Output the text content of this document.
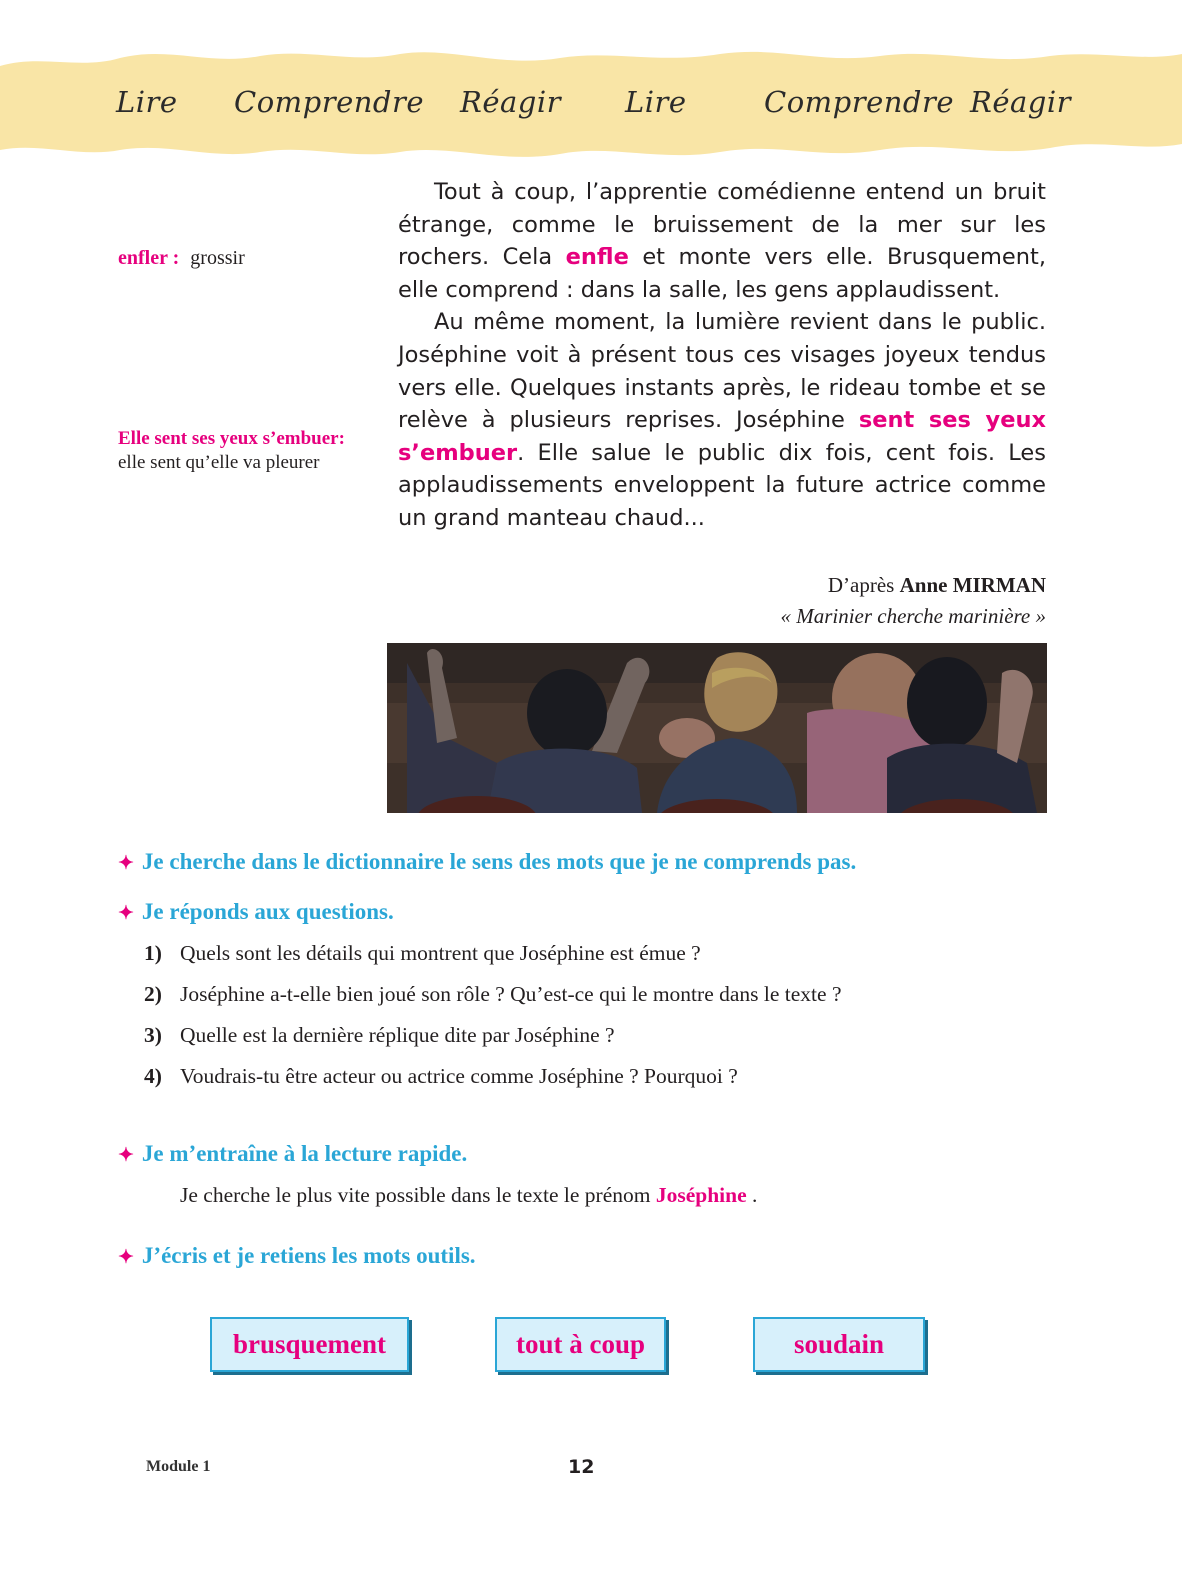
Lire Comprendre Réagir Lire	Comprendre Réagir
enfler : grossir
Elle sent ses yeux s’embuer:
elle sent qu’elle va pleurer

Tout à coup, l’apprentie comédienne entend un bruit étrange, comme le bruissement de la mer sur les rochers. Cela enfle et monte vers elle. Brusquement, elle comprend : dans la salle, les gens applaudissent.

Au même moment, la lumière revient dans le public. Joséphine voit à présent tous ces visages joyeux tendus vers elle. Quelques instants après, le rideau tombe et se relève à plusieurs reprises. Joséphine sent ses yeux s’embuer. Elle salue le public dix fois, cent fois. Les applaudissements enveloppent la future actrice comme un grand manteau chaud...

D’après Anne MIRMAN
« Marinier cherche marinière »
✦ Je cherche dans le dictionnaire le sens des mots que je ne comprends pas.
✦ Je réponds aux questions.
1) Quels sont les détails qui montrent que Joséphine est émue ?
2) Joséphine a-t-elle bien joué son rôle ? Qu’est-ce qui le montre dans le texte ?
3) Quelle est la dernière réplique dite par Joséphine ?
4) Voudrais-tu être acteur ou actrice comme Joséphine ? Pourquoi ?
✦ Je m’entraîne à la lecture rapide.
Je cherche le plus vite possible dans le texte le prénom Joséphine .
✦ J’écris et je retiens les mots outils.
brusquement	tout à coup	soudain
Module 1	12
